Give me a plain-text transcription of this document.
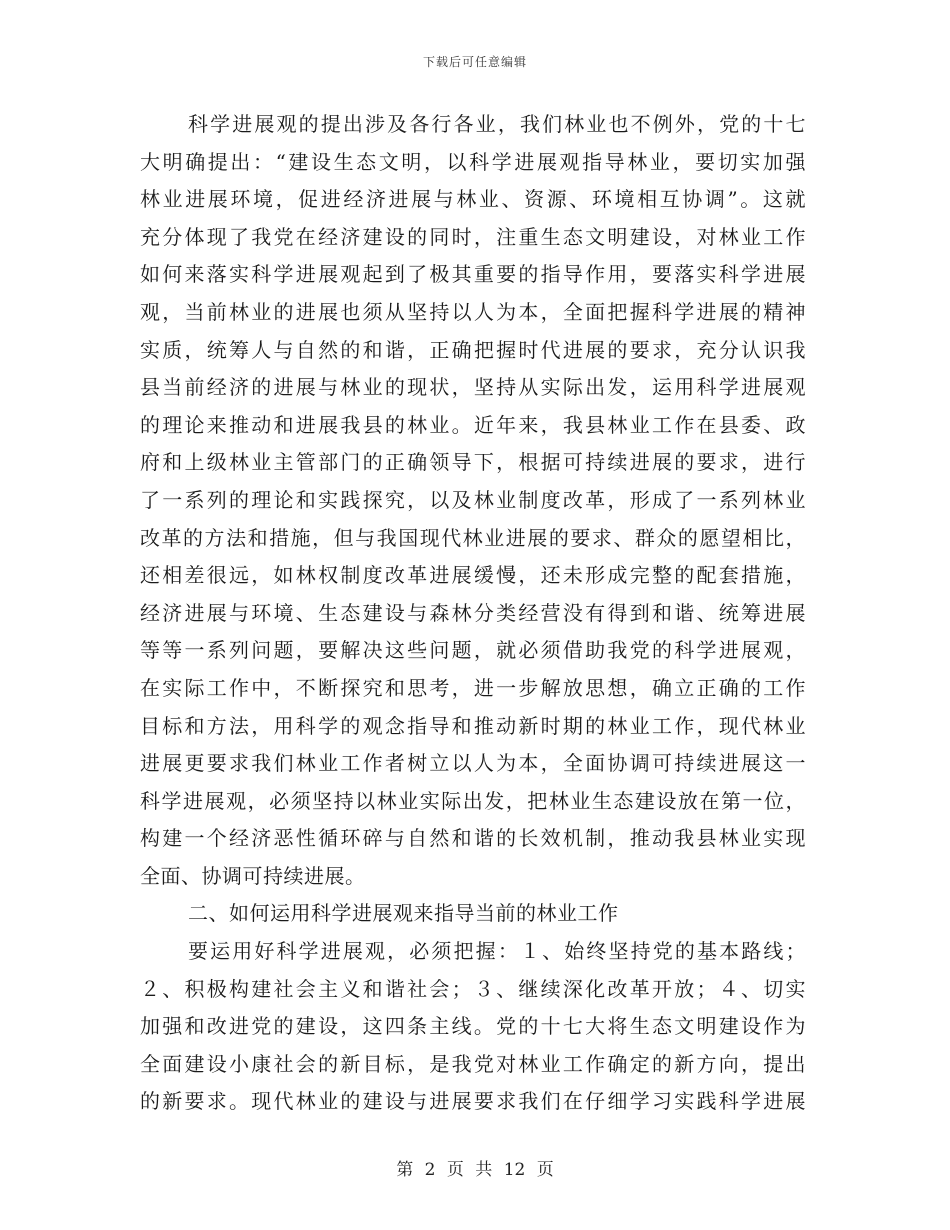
下载后可任意编辑
科学进展观的提出涉及各行各业，我们林业也不例外，党的十七
大明确提出：“建设生态文明，以科学进展观指导林业，要切实加强
林业进展环境，促进经济进展与林业、资源、环境相互协调”。这就
充分体现了我党在经济建设的同时，注重生态文明建设，对林业工作
如何来落实科学进展观起到了极其重要的指导作用，要落实科学进展
观，当前林业的进展也须从坚持以人为本，全面把握科学进展的精神
实质，统筹人与自然的和谐，正确把握时代进展的要求，充分认识我
县当前经济的进展与林业的现状，坚持从实际出发，运用科学进展观
的理论来推动和进展我县的林业。近年来，我县林业工作在县委、政
府和上级林业主管部门的正确领导下，根据可持续进展的要求，进行
了一系列的理论和实践探究，以及林业制度改革，形成了一系列林业
改革的方法和措施，但与我国现代林业进展的要求、群众的愿望相比，
还相差很远，如林权制度改革进展缓慢，还未形成完整的配套措施，
经济进展与环境、生态建设与森林分类经营没有得到和谐、统筹进展
等等一系列问题，要解决这些问题，就必须借助我党的科学进展观，
在实际工作中，不断探究和思考，进一步解放思想，确立正确的工作
目标和方法，用科学的观念指导和推动新时期的林业工作，现代林业
进展更要求我们林业工作者树立以人为本，全面协调可持续进展这一
科学进展观，必须坚持以林业实际出发，把林业生态建设放在第一位，
构建一个经济恶性循环碎与自然和谐的长效机制，推动我县林业实现
全面、协调可持续进展。
二、如何运用科学进展观来指导当前的林业工作
要运用好科学进展观，必须把握：１、始终坚持党的基本路线；
２、积极构建社会主义和谐社会；３、继续深化改革开放；４、切实
加强和改进党的建设，这四条主线。党的十七大将生态文明建设作为
全面建设小康社会的新目标，是我党对林业工作确定的新方向，提出
的新要求。现代林业的建设与进展要求我们在仔细学习实践科学进展
第 2 页 共 12 页
